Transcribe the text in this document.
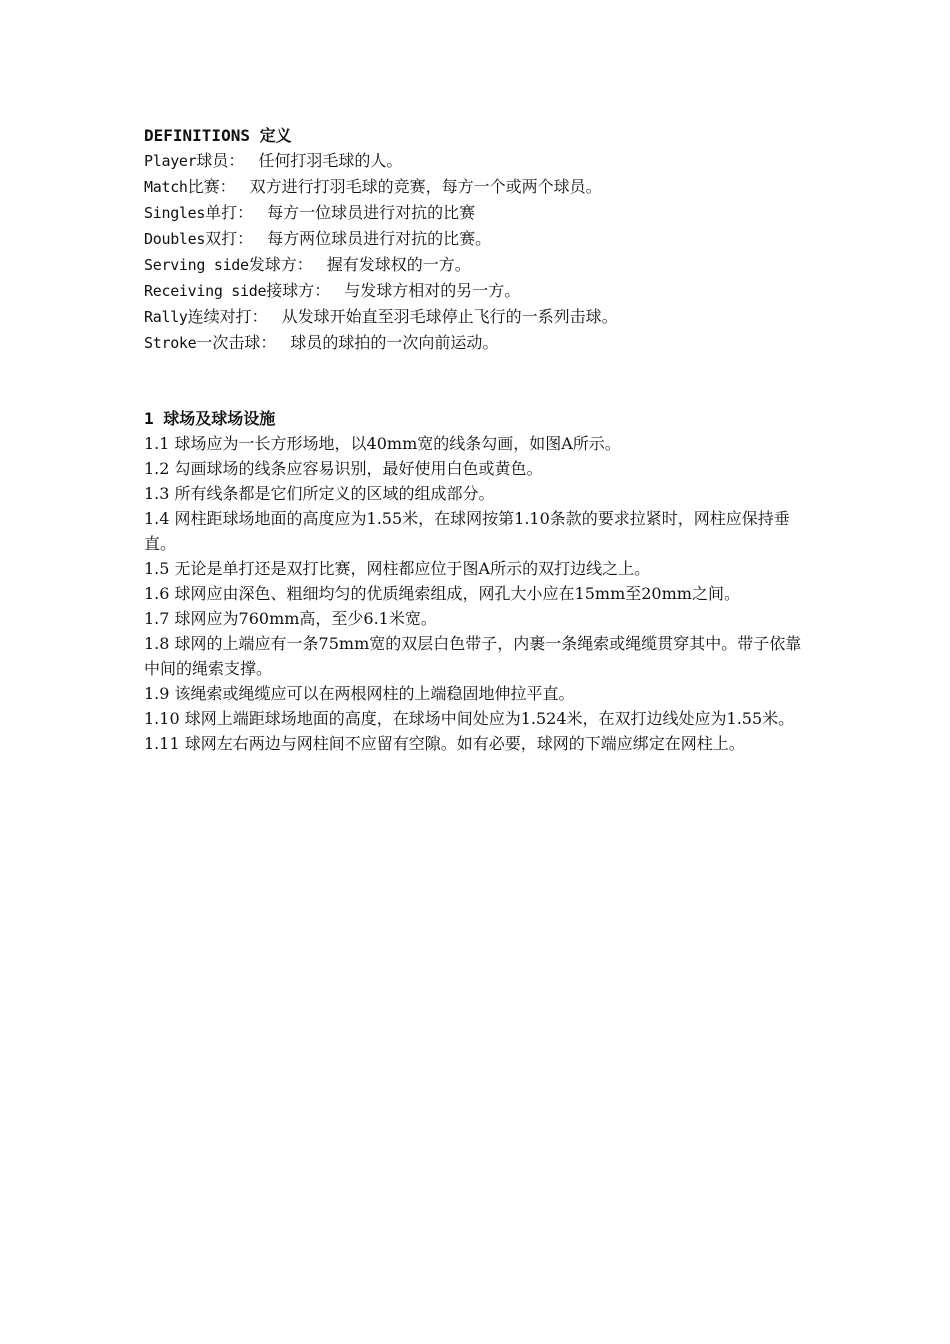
DEFINITIONS 定义
Player球员： 任何打羽毛球的人。
Match比赛： 双方进行打羽毛球的竞赛，每方一个或两个球员。
Singles单打： 每方一位球员进行对抗的比赛
Doubles双打： 每方两位球员进行对抗的比赛。
Serving side发球方： 握有发球权的一方。
Receiving side接球方： 与发球方相对的另一方。
Rally连续对打： 从发球开始直至羽毛球停止飞行的一系列击球。
Stroke一次击球： 球员的球拍的一次向前运动。
1 球场及球场设施
1.1 球场应为一长方形场地，以40mm宽的线条勾画，如图A所示。
1.2 勾画球场的线条应容易识别，最好使用白色或黄色。
1.3 所有线条都是它们所定义的区域的组成部分。
1.4 网柱距球场地面的高度应为1.55米，在球网按第1.10条款的要求拉紧时，网柱应保持垂直。
1.5 无论是单打还是双打比赛，网柱都应位于图A所示的双打边线之上。
1.6 球网应由深色、粗细均匀的优质绳索组成，网孔大小应在15mm至20mm之间。
1.7 球网应为760mm高，至少6.1米宽。
1.8 球网的上端应有一条75mm宽的双层白色带子，内裹一条绳索或绳缆贯穿其中。带子依靠中间的绳索支撑。
1.9 该绳索或绳缆应可以在两根网柱的上端稳固地伸拉平直。
1.10 球网上端距球场地面的高度，在球场中间处应为1.524米，在双打边线处应为1.55米。
1.11 球网左右两边与网柱间不应留有空隙。如有必要，球网的下端应绑定在网柱上。
